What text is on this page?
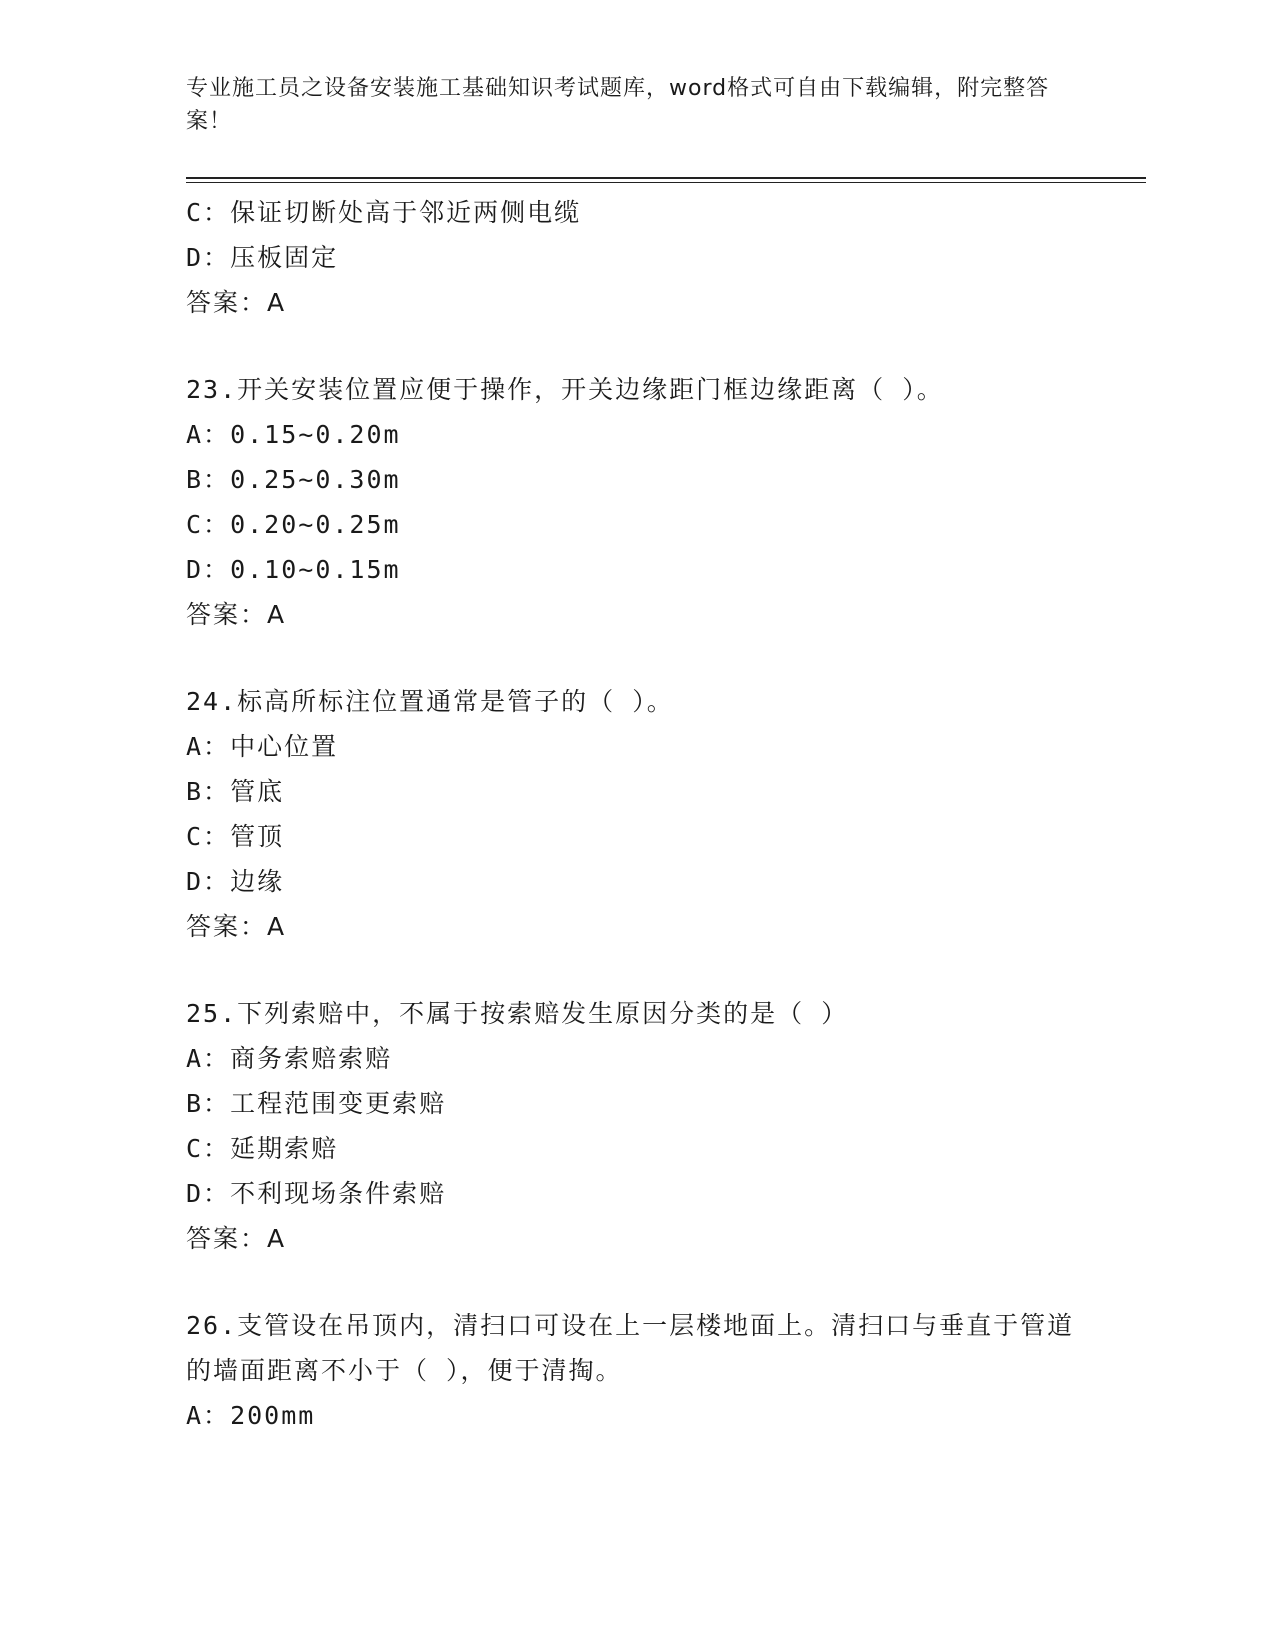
专业施工员之设备安装施工基础知识考试题库，word格式可自由下载编辑，附完整答案！
C：保证切断处高于邻近两侧电缆
D：压板固定
答案：A
23.开关安装位置应便于操作，开关边缘距门框边缘距离（ ）。
A：0.15~0.20m
B：0.25~0.30m
C：0.20~0.25m
D：0.10~0.15m
答案：A
24.标高所标注位置通常是管子的（ ）。
A：中心位置
B：管底
C：管顶
D：边缘
答案：A
25.下列索赔中，不属于按索赔发生原因分类的是（ ）
A：商务索赔索赔
B：工程范围变更索赔
C：延期索赔
D：不利现场条件索赔
答案：A
26.支管设在吊顶内，清扫口可设在上一层楼地面上。清扫口与垂直于管道的墙面距离不小于（ ），便于清掏。
A：200mm
